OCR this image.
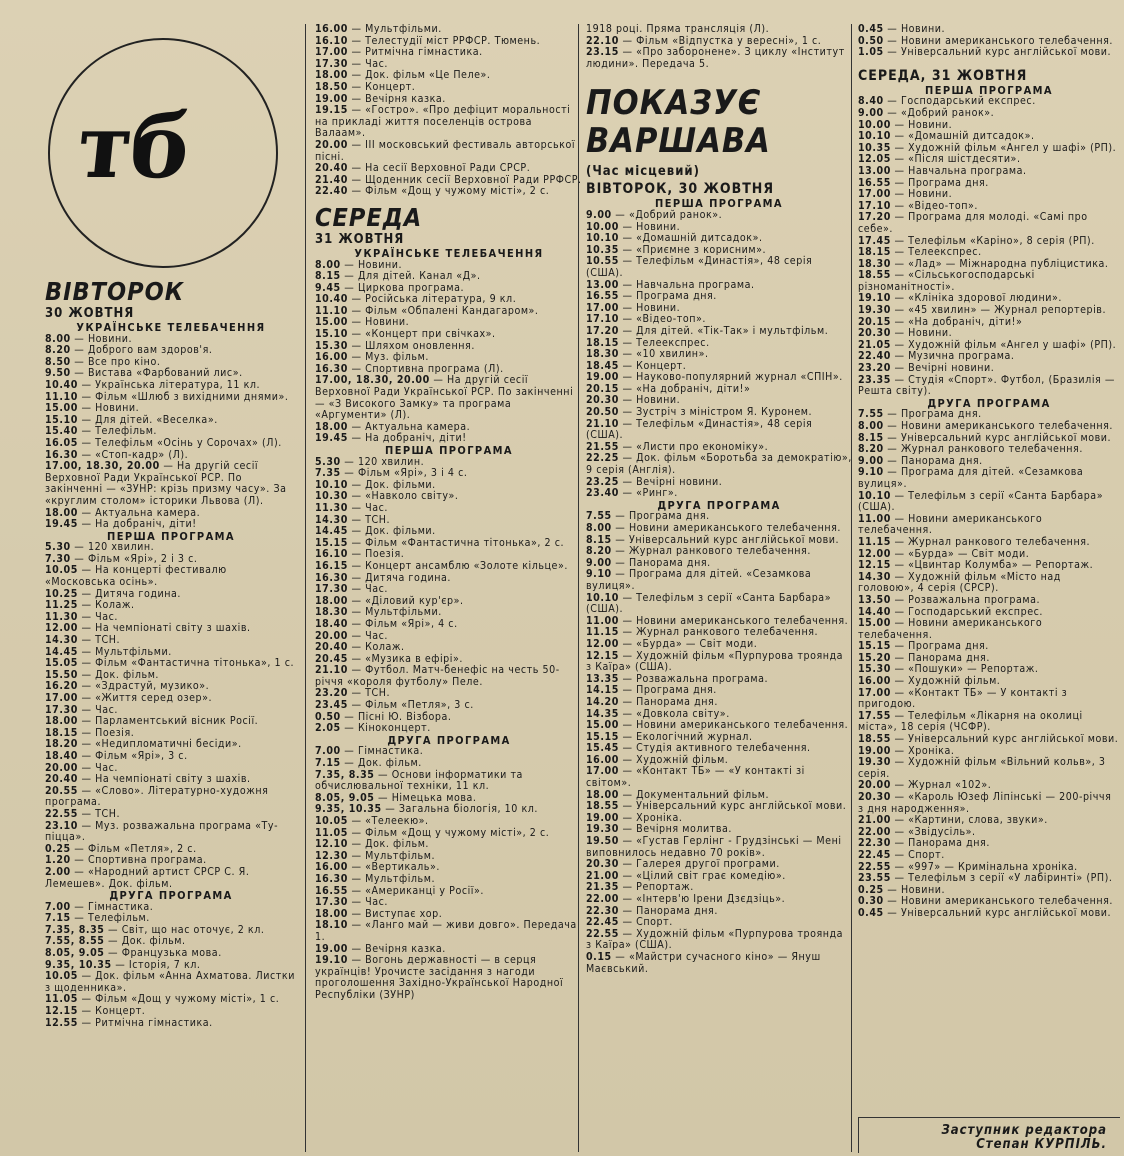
тб
ВІВТОРОК
30 ЖОВТНЯ
УКРАЇНСЬКЕ ТЕЛЕБАЧЕННЯ
8.00 — Новини.
8.20 — Доброго вам здоров'я.
8.50 — Все про кіно.
9.50 — Вистава «Фарбований лис».
10.40 — Українська література, 11 кл.
11.10 — Фільм «Шлюб з вихідними днями».
15.00 — Новини.
15.10 — Для дітей. «Веселка».
15.40 — Телефільм.
16.05 — Телефільм «Осінь у Сорочах» (Л).
16.30 — «Стоп-кадр» (Л).
17.00, 18.30, 20.00 — На другій сесії Верховної Ради Української РСР. По закінченні — «ЗУНР: крізь призму часу». За «круглим столом» історики Львова (Л).
18.00 — Актуальна камера.
19.45 — На добраніч, діти!
ПЕРША ПРОГРАМА
5.30 — 120 хвилин.
7.30 — Фільм «Ярі», 2 і 3 с.
10.05 — На концерті фестивалю «Московська осінь».
10.25 — Дитяча година.
11.25 — Колаж.
11.30 — Час.
12.00 — На чемпіонаті світу з шахів.
14.30 — ТСН.
14.45 — Мультфільми.
15.05 — Фільм «Фантастична тітонька», 1 с.
15.50 — Док. фільм.
16.20 — «Здрастуй, музико».
17.00 — «Життя серед озер».
17.30 — Час.
18.00 — Парламентський вісник Росії.
18.15 — Поезія.
18.20 — «Недипломатичні бесіди».
18.40 — Фільм «Ярі», 3 с.
20.00 — Час.
20.40 — На чемпіонаті світу з шахів.
20.55 — «Слово». Літературно-художня програма.
22.55 — ТСН.
23.10 — Муз. розважальна програма «Ту-піцца».
0.25 — Фільм «Петля», 2 с.
1.20 — Спортивна програма.
2.00 — «Народний артист СРСР С. Я. Лемешев». Док. фільм.
ДРУГА ПРОГРАМА
7.00 — Гімнастика.
7.15 — Телефільм.
7.35, 8.35 — Світ, що нас оточує, 2 кл.
7.55, 8.55 — Док. фільм.
8.05, 9.05 — Французька мова.
9.35, 10.35 — Історія, 7 кл.
10.05 — Док. фільм «Анна Ахматова. Листки з щоденника».
11.05 — Фільм «Дощ у чужому місті», 1 с.
12.15 — Концерт.
12.55 — Ритмічна гімнастика.
16.00 — Мультфільми.
16.10 — Телестудії міст РРФСР. Тюмень.
17.00 — Ритмічна гімнастика.
17.30 — Час.
18.00 — Док. фільм «Це Пеле».
18.50 — Концерт.
19.00 — Вечірня казка.
19.15 — «Гостро». «Про дефіцит моральності на прикладі життя поселенців острова Валаам».
20.00 — III московський фестиваль авторської пісні.
20.40 — На сесії Верховної Ради СРСР.
21.40 — Щоденник сесії Верховної Ради РРФСР.
22.40 — Фільм «Дощ у чужому місті», 2 с.
СЕРЕДА
31 ЖОВТНЯ
УКРАЇНСЬКЕ ТЕЛЕБАЧЕННЯ
8.00 — Новини.
8.15 — Для дітей. Канал «Д».
9.45 — Циркова програма.
10.40 — Російська література, 9 кл.
11.10 — Фільм «Обпалені Кандагаром».
15.00 — Новини.
15.10 — «Концерт при свічках».
15.30 — Шляхом оновлення.
16.00 — Муз. фільм.
16.30 — Спортивна програма (Л).
17.00, 18.30, 20.00 — На другій сесії Верховної Ради Української РСР. По закінченні — «З Високого Замку» та програма «Аргументи» (Л).
18.00 — Актуальна камера.
19.45 — На добраніч, діти!
ПЕРША ПРОГРАМА
5.30 — 120 хвилин.
7.35 — Фільм «Ярі», 3 і 4 с.
10.10 — Док. фільми.
10.30 — «Навколо світу».
11.30 — Час.
14.30 — ТСН.
14.45 — Док. фільми.
15.15 — Фільм «Фантастична тітонька», 2 с.
16.10 — Поезія.
16.15 — Концерт ансамблю «Золоте кільце».
16.30 — Дитяча година.
17.30 — Час.
18.00 — «Діловий кур'єр».
18.30 — Мультфільми.
18.40 — Фільм «Ярі», 4 с.
20.00 — Час.
20.40 — Колаж.
20.45 — «Музика в ефірі».
21.10 — Футбол. Матч-бенефіс на честь 50-річчя «короля футболу» Пеле.
23.20 — ТСН.
23.45 — Фільм «Петля», 3 с.
0.50 — Пісні Ю. Візбора.
2.05 — Кіноконцерт.
ДРУГА ПРОГРАМА
7.00 — Гімнастика.
7.15 — Док. фільм.
7.35, 8.35 — Основи інформатики та обчислювальної техніки, 11 кл.
8.05, 9.05 — Німецька мова.
9.35, 10.35 — Загальна біологія, 10 кл.
10.05 — «Телеекю».
11.05 — Фільм «Дощ у чужому місті», 2 с.
12.10 — Док. фільм.
12.30 — Мультфільм.
16.00 — «Вертикаль».
16.30 — Мультфільм.
16.55 — «Американці у Росії».
17.30 — Час.
18.00 — Виступає хор.
18.10 — «Ланго май — живи довго». Передача 1.
19.00 — Вечірня казка.
19.10 — Вогонь державності — в серця українців! Урочисте засідання з нагоди проголошення Західно-Української Народної Республіки (ЗУНР)
1918 році. Пряма трансляція (Л).
22.10 — Фільм «Відпустка у вересні», 1 с.
23.15 — «Про заборонене». З циклу «Інститут людини». Передача 5.
ПОКАЗУЄ ВАРШАВА
(Час місцевий)
ВІВТОРОК, 30 ЖОВТНЯ
ПЕРША ПРОГРАМА
9.00 — «Добрий ранок».
10.00 — Новини.
10.10 — «Домашній дитсадок».
10.35 — «Приємне з корисним».
10.55 — Телефільм «Династія», 48 серія (США).
13.00 — Навчальна програма.
16.55 — Програма дня.
17.00 — Новини.
17.10 — «Відео-топ».
17.20 — Для дітей. «Тік-Так» і мультфільм.
18.15 — Телеекспрес.
18.30 — «10 хвилин».
18.45 — Концерт.
19.00 — Науково-популярний журнал «СПІН».
20.15 — «На добраніч, діти!»
20.30 — Новини.
20.50 — Зустріч з міністром Я. Куронем.
21.10 — Телефільм «Династія», 48 серія (США).
21.55 — «Листи про економіку».
22.25 — Док. фільм «Боротьба за демократію», 9 серія (Англія).
23.25 — Вечірні новини.
23.40 — «Ринг».
ДРУГА ПРОГРАМА
7.55 — Програма дня.
8.00 — Новини американського телебачення.
8.15 — Універсальний курс англійської мови.
8.20 — Журнал ранкового телебачення.
9.00 — Панорама дня.
9.10 — Програма для дітей. «Сезамкова вулиця».
10.10 — Телефільм з серії «Санта Барбара» (США).
11.00 — Новини американського телебачення.
11.15 — Журнал ранкового телебачення.
12.00 — «Бурда» — Світ моди.
12.15 — Художній фільм «Пурпурова троянда з Каїра» (США).
13.35 — Розважальна програма.
14.15 — Програма дня.
14.20 — Панорама дня.
14.35 — «Довкола світу».
15.00 — Новини американського телебачення.
15.15 — Екологічний журнал.
15.45 — Студія активного телебачення.
16.00 — Художній фільм.
17.00 — «Контакт ТБ» — «У контакті зі світом».
18.00 — Документальний фільм.
18.55 — Універсальний курс англійської мови.
19.00 — Хроніка.
19.30 — Вечірня молитва.
19.50 — «Густав Герлінг - Грудзінські — Мені виповнилось недавно 70 років».
20.30 — Галерея другої програми.
21.00 — «Цілий світ грає комедію».
21.35 — Репортаж.
22.00 — «Інтерв'ю Ірени Дзєдзіць».
22.30 — Панорама дня.
22.45 — Спорт.
22.55 — Художній фільм «Пурпурова троянда з Каїра» (США).
0.15 — «Майстри сучасного кіно» — Януш Маєвський.
0.45 — Новини.
0.50 — Новини американського телебачення.
1.05 — Універсальний курс англійської мови.
СЕРЕДА, 31 ЖОВТНЯ
ПЕРША ПРОГРАМА
8.40 — Господарський експрес.
9.00 — «Добрий ранок».
10.00 — Новини.
10.10 — «Домашній дитсадок».
10.35 — Художній фільм «Ангел у шафі» (РП).
12.05 — «Після шістдесяти».
13.00 — Навчальна програма.
16.55 — Програма дня.
17.00 — Новини.
17.10 — «Відео-топ».
17.20 — Програма для молоді. «Самі про себе».
17.45 — Телефільм «Каріно», 8 серія (РП).
18.15 — Телеекспрес.
18.30 — «Лад» — Міжнародна публіцистика.
18.55 — «Сільськогосподарські різноманітності».
19.10 — «Клініка здорової людини».
19.30 — «45 хвилин» — Журнал репортерів.
20.15 — «На добраніч, діти!»
20.30 — Новини.
21.05 — Художній фільм «Ангел у шафі» (РП).
22.40 — Музична програма.
23.20 — Вечірні новини.
23.35 — Студія «Спорт». Футбол, (Бразилія — Решта світу).
ДРУГА ПРОГРАМА
7.55 — Програма дня.
8.00 — Новини американського телебачення.
8.15 — Універсальний курс англійської мови.
8.20 — Журнал ранкового телебачення.
9.00 — Панорама дня.
9.10 — Програма для дітей. «Сезамкова вулиця».
10.10 — Телефільм з серії «Санта Барбара» (США).
11.00 — Новини американського телебачення.
11.15 — Журнал ранкового телебачення.
12.00 — «Бурда» — Світ моди.
12.15 — «Цвинтар Колумба» — Репортаж.
14.30 — Художній фільм «Місто над головою», 4 серія (СРСР).
13.50 — Розважальна програма.
14.40 — Господарський експрес.
15.00 — Новини американського телебачення.
15.15 — Програма дня.
15.20 — Панорама дня.
15.30 — «Пошуки» — Репортаж.
16.00 — Художній фільм.
17.00 — «Контакт ТБ» — У контакті з пригодою.
17.55 — Телефільм «Лікарня на околиці міста», 18 серія (ЧСФР).
18.55 — Універсальний курс англійської мови.
19.00 — Хроніка.
19.30 — Художній фільм «Вільний кольв», 3 серія.
20.00 — Журнал «102».
20.30 — «Кароль Юзеф Ліпінські — 200-річчя з дня народження».
21.00 — «Картини, слова, звуки».
22.00 — «Звідусіль».
22.30 — Панорама дня.
22.45 — Спорт.
22.55 — «997» — Кримінальна хроніка.
23.55 — Телефільм з серії «У лабіринті» (РП).
0.25 — Новини.
0.30 — Новини американського телебачення.
0.45 — Універсальний курс англійської мови.
Заступник редактора
Степан КУРПІЛЬ.
